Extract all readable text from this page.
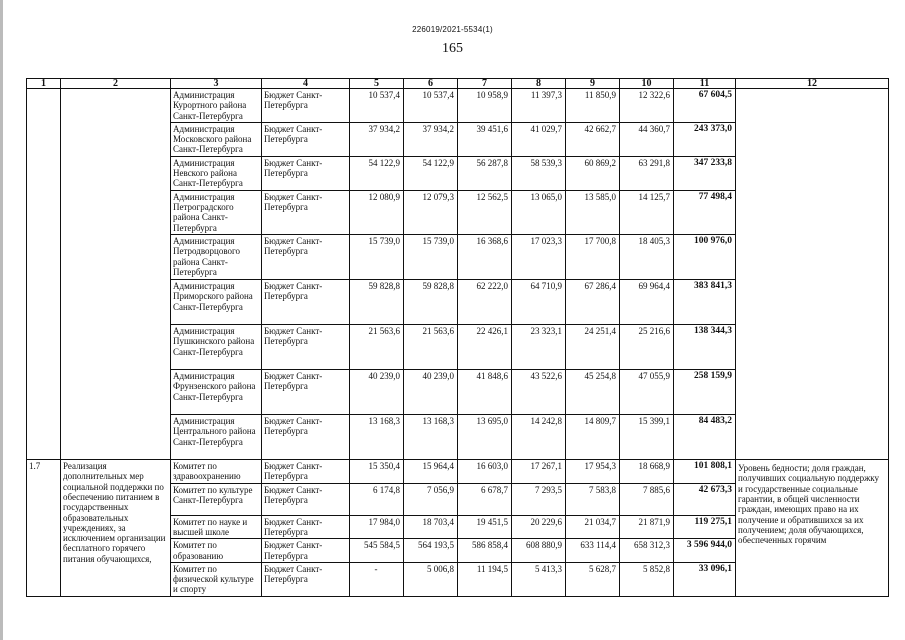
226019/2021-5534(1)
165
1	2	3	4	5	6	7	8	9	10	11	12
		Администрация Курортного района Санкт-Петербурга	Бюджет Санкт-Петербурга	10 537,4	10 537,4	10 958,9	11 397,3	11 850,9	12 322,6	67 604,5	
		Администрация Московского района Санкт-Петербурга	Бюджет Санкт-Петербурга	37 934,2	37 934,2	39 451,6	41 029,7	42 662,7	44 360,7	243 373,0	
		Администрация Невского района Санкт-Петербурга	Бюджет Санкт-Петербурга	54 122,9	54 122,9	56 287,8	58 539,3	60 869,2	63 291,8	347 233,8	
		Администрация Петроградского района Санкт-Петербурга	Бюджет Санкт-Петербурга	12 080,9	12 079,3	12 562,5	13 065,0	13 585,0	14 125,7	77 498,4	
		Администрация Петродворцового района Санкт-Петербурга	Бюджет Санкт-Петербурга	15 739,0	15 739,0	16 368,6	17 023,3	17 700,8	18 405,3	100 976,0	
		Администрация Приморского района Санкт-Петербурга	Бюджет Санкт-Петербурга	59 828,8	59 828,8	62 222,0	64 710,9	67 286,4	69 964,4	383 841,3	
		Администрация Пушкинского района Санкт-Петербурга	Бюджет Санкт-Петербурга	21 563,6	21 563,6	22 426,1	23 323,1	24 251,4	25 216,6	138 344,3	
		Администрация Фрунзенского района Санкт-Петербурга	Бюджет Санкт-Петербурга	40 239,0	40 239,0	41 848,6	43 522,6	45 254,8	47 055,9	258 159,9	
		Администрация Центрального района Санкт-Петербурга	Бюджет Санкт-Петербурга	13 168,3	13 168,3	13 695,0	14 242,8	14 809,7	15 399,1	84 483,2	
1.7	Реализация дополнительных мер социальной поддержки по обеспечению питанием в государственных образовательных учреждениях, за исключением организации бесплатного горячего питания обучающихся,	Комитет по здравоохранению	Бюджет Санкт-Петербурга	15 350,4	15 964,4	16 603,0	17 267,1	17 954,3	18 668,9	101 808,1	Уровень бедности; доля граждан, получивших социальную поддержку и государственные социальные гарантии, в общей численности граждан, имеющих право на их получение и обратившихся за их получением; доля обучающихся, обеспеченных горячим
		Комитет по культуре Санкт-Петербурга	Бюджет Санкт-Петербурга	6 174,8	7 056,9	6 678,7	7 293,5	7 583,8	7 885,6	42 673,3	
		Комитет по науке и высшей школе	Бюджет Санкт-Петербурга	17 984,0	18 703,4	19 451,5	20 229,6	21 034,7	21 871,9	119 275,1	
		Комитет по образованию	Бюджет Санкт-Петербурга	545 584,5	564 193,5	586 858,4	608 880,9	633 114,4	658 312,3	3 596 944,0	
		Комитет по физической культуре и спорту	Бюджет Санкт-Петербурга	-	5 006,8	11 194,5	5 413,3	5 628,7	5 852,8	33 096,1	
